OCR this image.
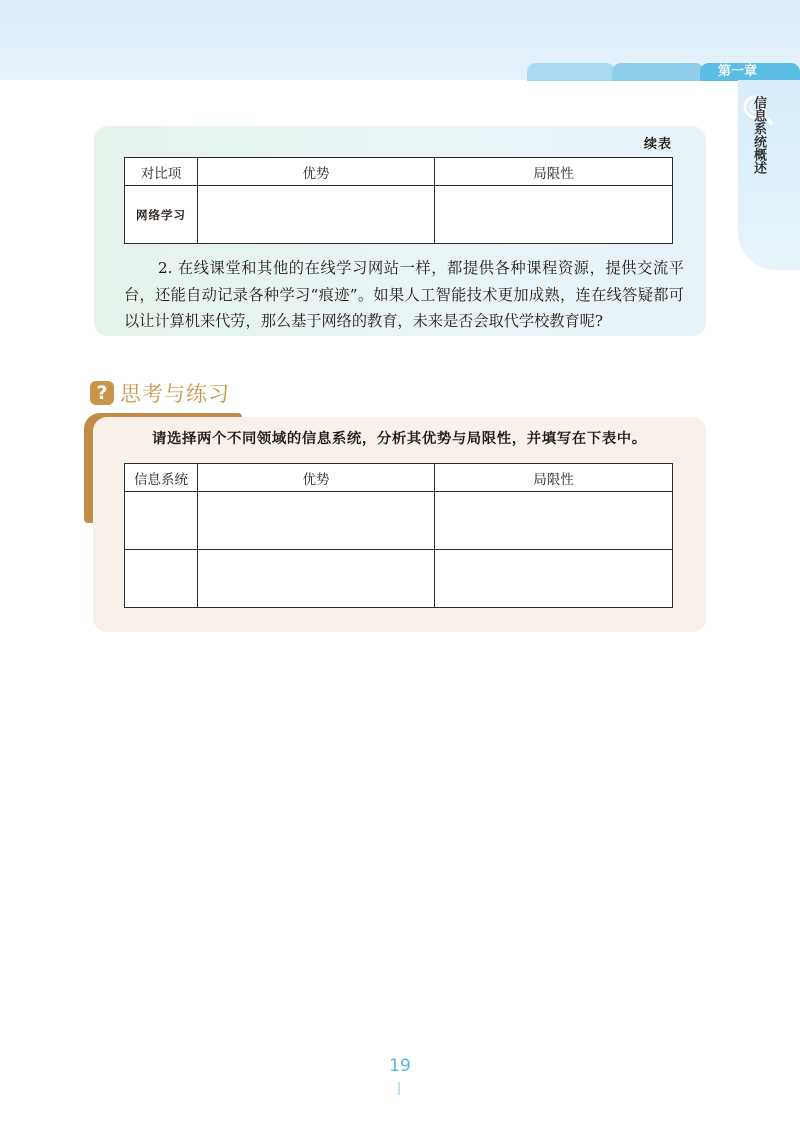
第一章
信息系统概述
续表
对比项	优势	局限性
网络学习		
2. 在线课堂和其他的在线学习网站一样，都提供各种课程资源，提供交流平台，还能自动记录各种学习“痕迹”。如果人工智能技术更加成熟，连在线答疑都可以让计算机来代劳，那么基于网络的教育，未来是否会取代学校教育呢?
? 思考与练习
请选择两个不同领域的信息系统，分析其优势与局限性，并填写在下表中。
信息系统	优势	局限性

19
